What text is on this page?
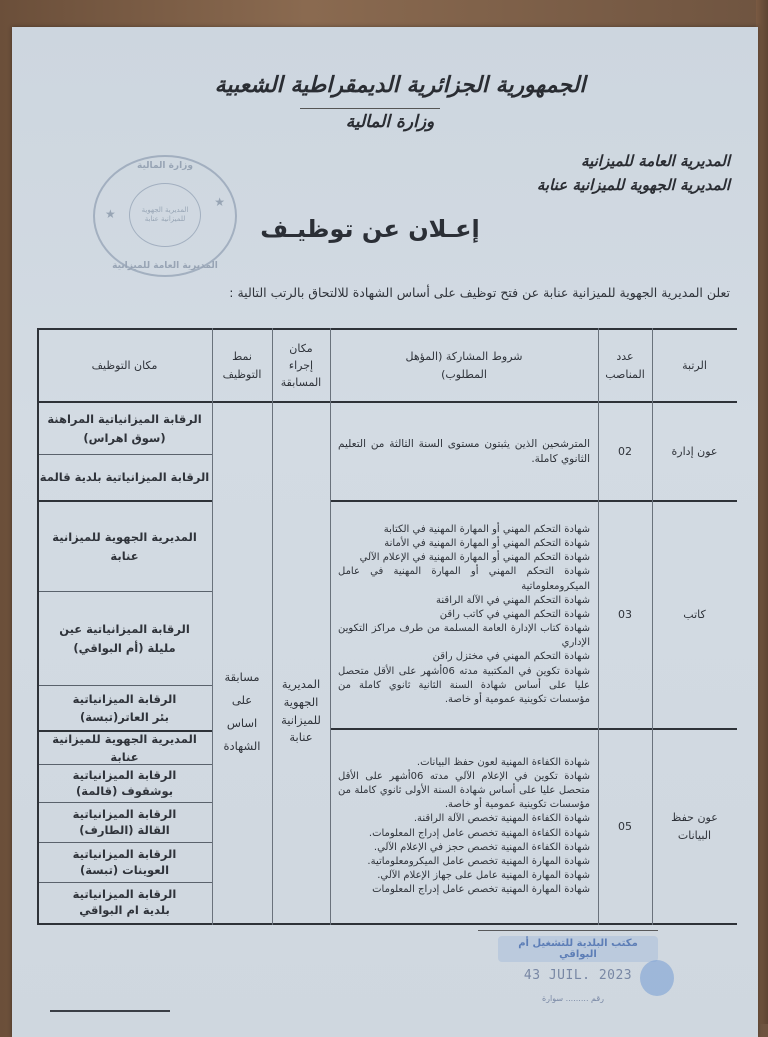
الجمهورية الجزائرية الديمقراطية الشعبية
وزارة المالية
المديرية العامة للميزانية
المديرية الجهوية للميزانية عنابة
وزارة المالية
★
★
المديرية الجهوية للميزانية عنابة
المديرية العامة للميزانية
إعـلان عن توظيـف
تعلن المديرية الجهوية للميزانية عنابة عن فتح توظيف على أساس الشهادة للالتحاق بالرتب التالية :
الرتبة
عدد المناصب
شروط المشاركة (المؤهل المطلوب)
مكان إجراء المسابقة
نمط التوظيف
مكان التوظيف
المديرية الجهوية للميزانية عنابة
مسابقة على اساس الشهادة
عون إدارة
02
المترشحين الذين يثبتون مستوى السنة الثالثة من التعليم الثانوي كاملة.
الرقابة الميزانياتية المراهنة (سوق اهراس)
الرقابة الميزانياتية بلدية قالمة
كاتب
03
شهادة التحكم المهني أو المهارة المهنية في الكتابة
شهادة التحكم المهني أو المهارة المهنية في الأمانة
شهادة التحكم المهني أو المهارة المهنية في الإعلام الآلي
شهادة التحكم المهني أو المهارة المهنية في عامل الميكرومعلوماتية
شهادة التحكم المهني في الآلة الراقنة
شهادة التحكم المهني في كاتب راقن
شهادة كتاب الإدارة العامة المسلمة من طرف مراكز التكوين الإداري
شهادة التحكم المهني في مختزل راقن
شهادة تكوين في المكتبية مدته 06أشهر على الأقل متحصل عليا على أساس شهادة السنة الثانية ثانوي كاملة من مؤسسات تكوينية عمومية أو خاصة.
المديرية الجهوية للميزانية عنابة
الرقابة الميزانياتية عين مليلة (أم البواقي)
الرقابة الميزانياتية بئر العاتر(تبسة)
عون حفظ البيانات
05
شهادة الكفاءة المهنية لعون حفظ البيانات.
شهادة تكوين في الإعلام الآلي مدته 06أشهر على الأقل متحصل عليا على أساس شهادة السنة الأولى ثانوي كاملة من مؤسسات تكوينية عمومية أو خاصة.
شهادة الكفاءة المهنية تخصص الآلة الراقنة.
شهادة الكفاءة المهنية تخصص عامل إدراج المعلومات.
شهادة الكفاءة المهنية تخصص حجز في الإعلام الآلي.
شهادة المهارة المهنية تخصص عامل الميكرومعلوماتية.
شهادة المهارة المهنية عامل على جهاز الإعلام الآلي.
شهادة المهارة المهنية تخصص عامل إدراج المعلومات
المديرية الجهوية للميزانية عنابة
الرقابة الميزانياتية بوشقوف (قالمة)
الرقابة الميزانياتية القالة (الطارف)
الرقابة الميزانياتية العوينات (تبسة)
الرقابة الميزانياتية بلدية ام البواقي
مكتب البلدية للتشغيل أم البواقي
43 JUIL. 2023
رقم ......... سوارة
